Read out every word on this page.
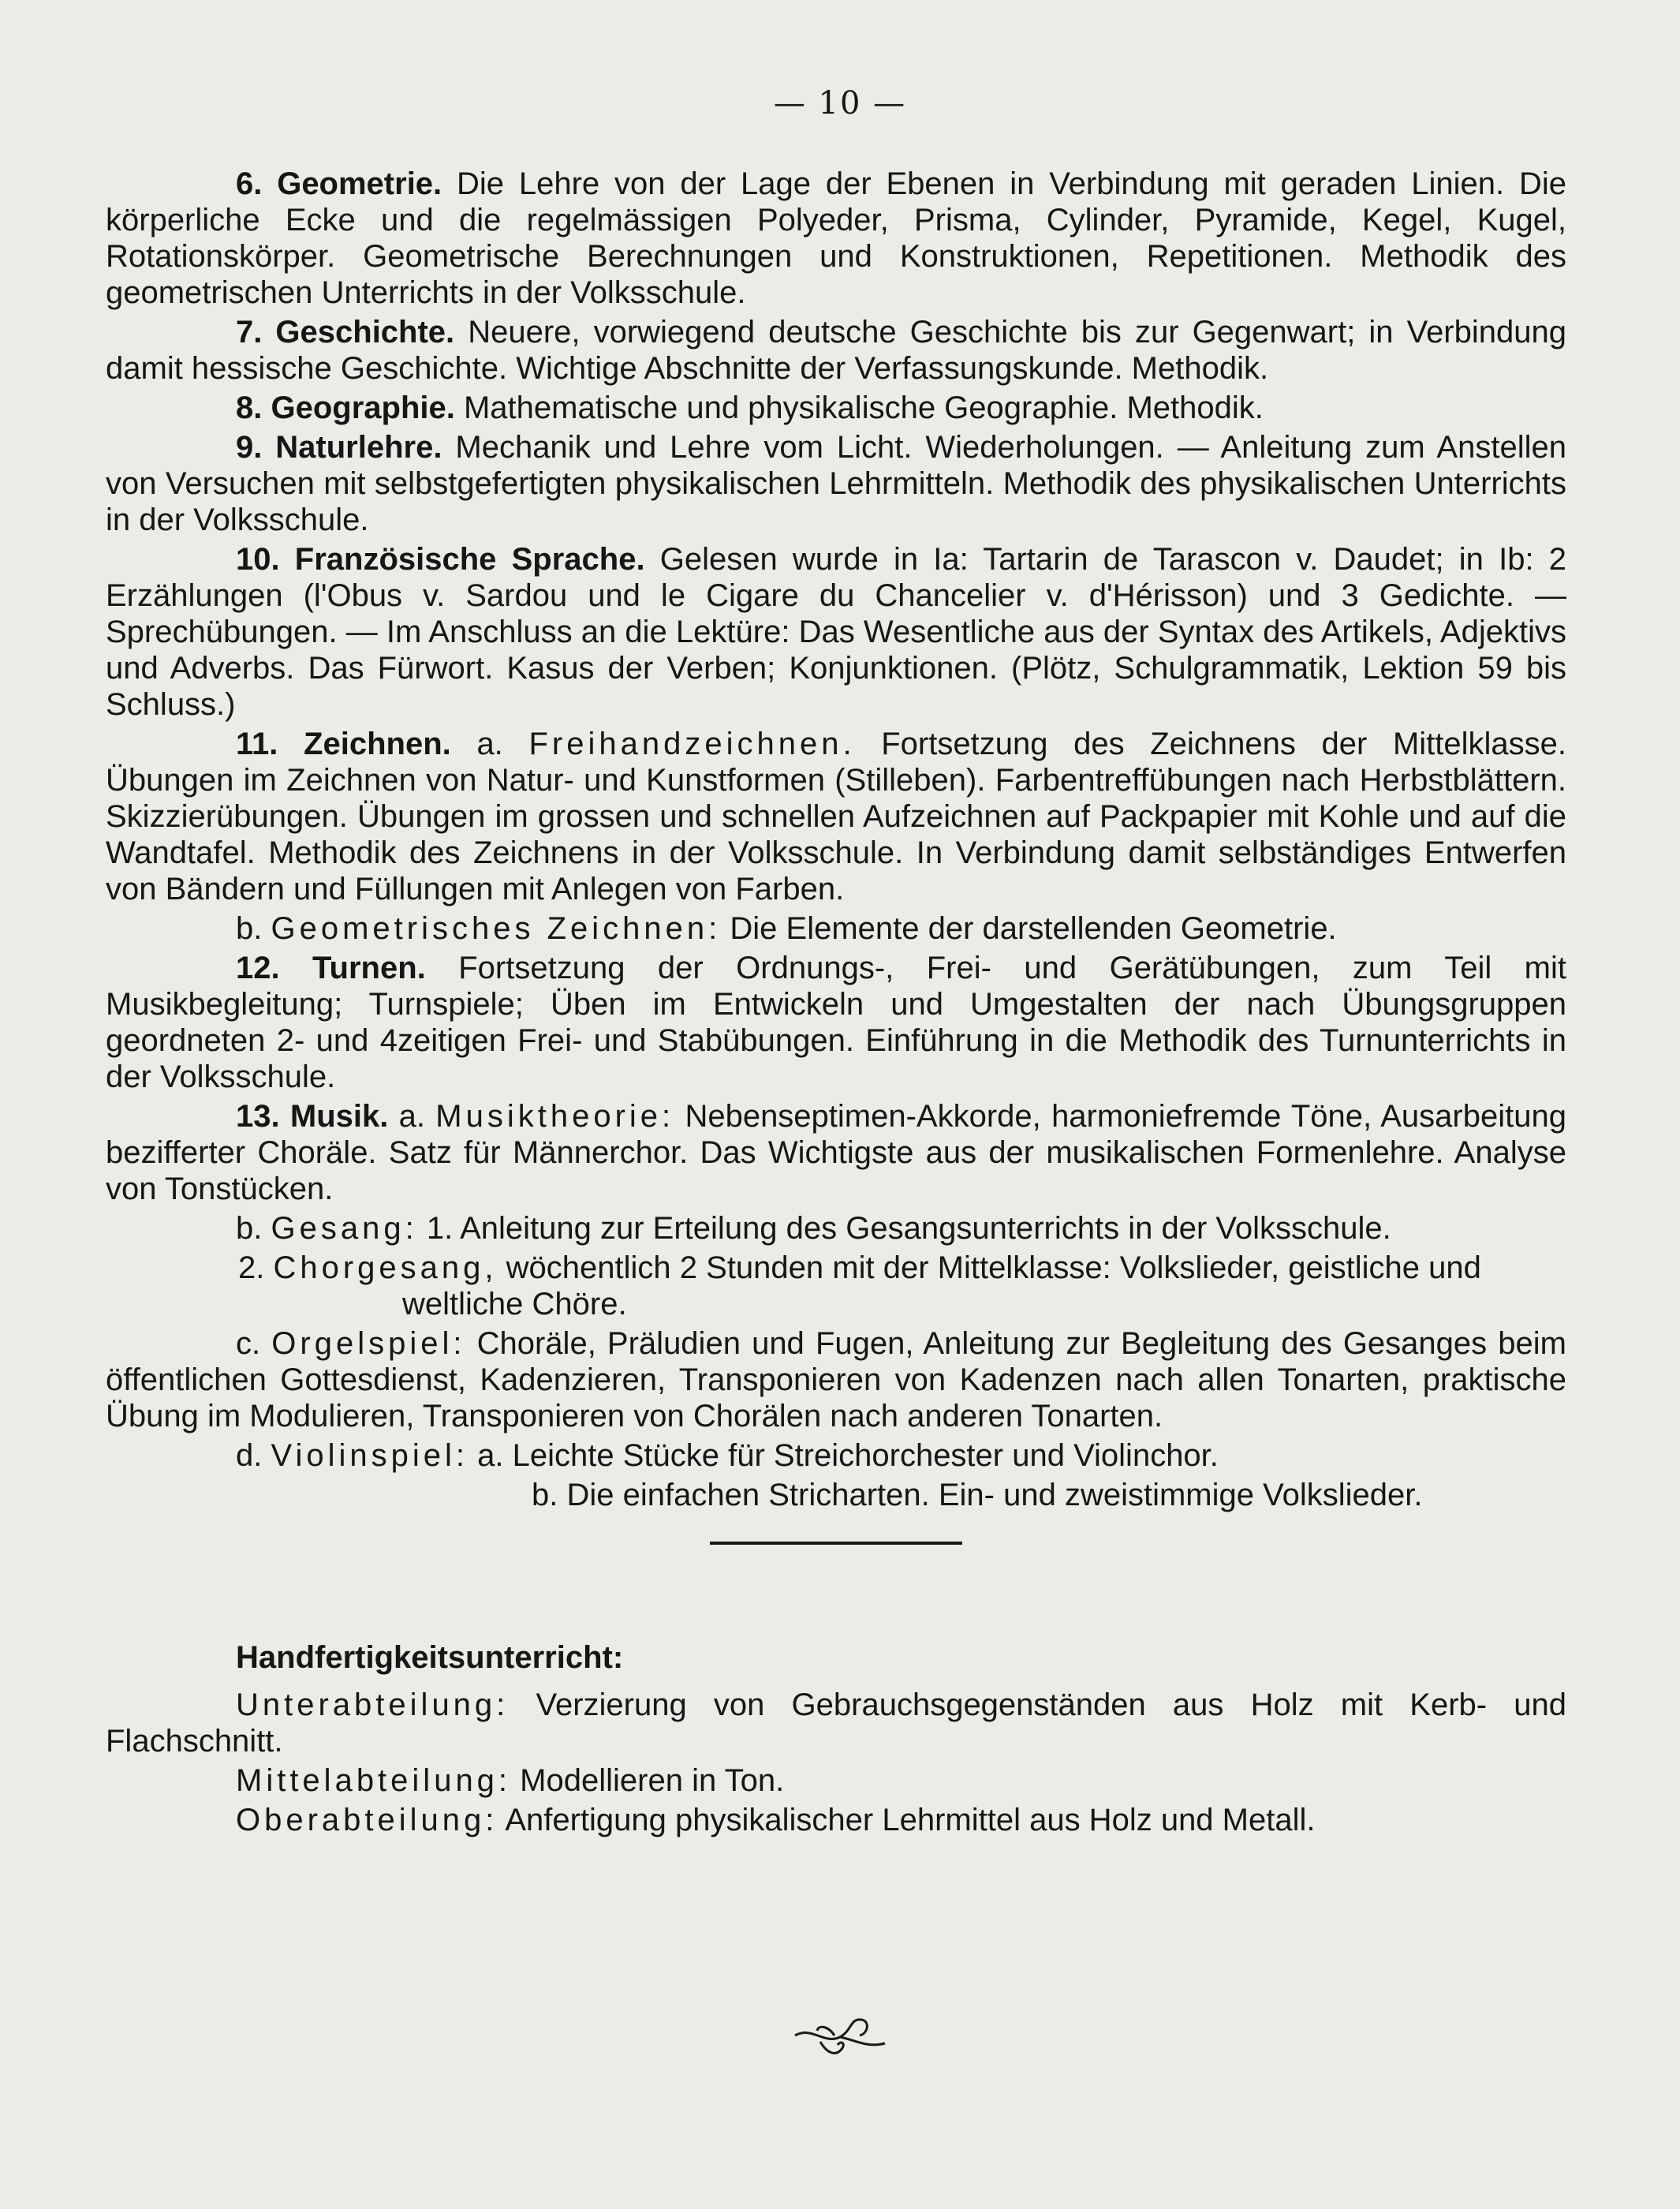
— 10 —

6. Geometrie. Die Lehre von der Lage der Ebenen in Verbindung mit geraden Linien. Die körperliche Ecke und die regelmässigen Polyeder, Prisma, Cylinder, Pyramide, Kegel, Kugel, Rotationskörper. Geometrische Berechnungen und Konstruktionen, Repetitionen. Methodik des geometrischen Unterrichts in der Volksschule.

7. Geschichte. Neuere, vorwiegend deutsche Geschichte bis zur Gegenwart; in Verbindung damit hessische Geschichte. Wichtige Abschnitte der Verfassungskunde. Methodik.

8. Geographie. Mathematische und physikalische Geographie. Methodik.

9. Naturlehre. Mechanik und Lehre vom Licht. Wiederholungen. — Anleitung zum Anstellen von Versuchen mit selbstgefertigten physikalischen Lehrmitteln. Methodik des physikalischen Unterrichts in der Volksschule.

10. Französische Sprache. Gelesen wurde in Ia: Tartarin de Tarascon v. Daudet; in Ib: 2 Erzählungen (l'Obus v. Sardou und le Cigare du Chancelier v. d'Hérisson) und 3 Gedichte. — Sprechübungen. — Im Anschluss an die Lektüre: Das Wesentliche aus der Syntax des Artikels, Adjektivs und Adverbs. Das Fürwort. Kasus der Verben; Konjunktionen. (Plötz, Schulgrammatik, Lektion 59 bis Schluss.)

11. Zeichnen. a. Freihandzeichnen. Fortsetzung des Zeichnens der Mittelklasse. Übungen im Zeichnen von Natur- und Kunstformen (Stilleben). Farbentreffübungen nach Herbstblättern. Skizzierübungen. Übungen im grossen und schnellen Aufzeichnen auf Packpapier mit Kohle und auf die Wandtafel. Methodik des Zeichnens in der Volksschule. In Verbindung damit selbständiges Entwerfen von Bändern und Füllungen mit Anlegen von Farben.

b. Geometrisches Zeichnen: Die Elemente der darstellenden Geometrie.

12. Turnen. Fortsetzung der Ordnungs-, Frei- und Gerätübungen, zum Teil mit Musikbegleitung; Turnspiele; Üben im Entwickeln und Umgestalten der nach Übungsgruppen geordneten 2- und 4zeitigen Frei- und Stabübungen. Einführung in die Methodik des Turnunterrichts in der Volksschule.

13. Musik. a. Musiktheorie: Nebenseptimen-Akkorde, harmoniefremde Töne, Ausarbeitung bezifferter Choräle. Satz für Männerchor. Das Wichtigste aus der musikalischen Formenlehre. Analyse von Tonstücken.

b. Gesang: 1. Anleitung zur Erteilung des Gesangsunterrichts in der Volksschule.

2. Chorgesang, wöchentlich 2 Stunden mit der Mittelklasse: Volkslieder, geistliche und weltliche Chöre.

c. Orgelspiel: Choräle, Präludien und Fugen, Anleitung zur Begleitung des Gesanges beim öffentlichen Gottesdienst, Kadenzieren, Transponieren von Kadenzen nach allen Tonarten, praktische Übung im Modulieren, Transponieren von Chorälen nach anderen Tonarten.

d. Violinspiel: a. Leichte Stücke für Streichorchester und Violinchor.

b. Die einfachen Stricharten. Ein- und zweistimmige Volkslieder.

Handfertigkeitsunterricht:

Unterabteilung: Verzierung von Gebrauchsgegenständen aus Holz mit Kerb- und Flachschnitt.

Mittelabteilung: Modellieren in Ton.

Oberabteilung: Anfertigung physikalischer Lehrmittel aus Holz und Metall.
